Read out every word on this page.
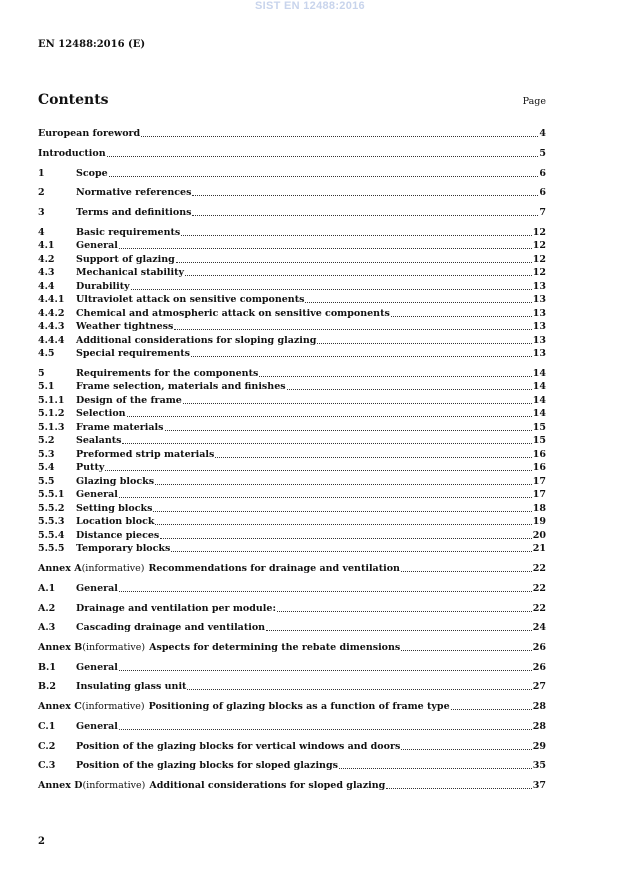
SIST EN 12488:2016
EN 12488:2016 (E)
Contents	Page
European foreword	4
Introduction	5
1	Scope	6
2	Normative references	6
3	Terms and definitions	7
4	Basic requirements	12
4.1	General	12
4.2	Support of glazing	12
4.3	Mechanical stability	12
4.4	Durability	13
4.4.1	Ultraviolet attack on sensitive components	13
4.4.2	Chemical and atmospheric attack on sensitive components	13
4.4.3	Weather tightness	13
4.4.4	Additional considerations for sloping glazing	13
4.5	Special requirements	13
5	Requirements for the components	14
5.1	Frame selection, materials and finishes	14
5.1.1	Design of the frame	14
5.1.2	Selection	14
5.1.3	Frame materials	15
5.2	Sealants	15
5.3	Preformed strip materials	16
5.4	Putty	16
5.5	Glazing blocks	17
5.5.1	General	17
5.5.2	Setting blocks	18
5.5.3	Location block	19
5.5.4	Distance pieces	20
5.5.5	Temporary blocks	21
Annex A (informative) Recommendations for drainage and ventilation	22
A.1	General	22
A.2	Drainage and ventilation per module:	22
A.3	Cascading drainage and ventilation	24
Annex B (informative) Aspects for determining the rebate dimensions	26
B.1	General	26
B.2	Insulating glass unit	27
Annex C (informative) Positioning of glazing blocks as a function of frame type	28
C.1	General	28
C.2	Position of the glazing blocks for vertical windows and doors	29
C.3	Position of the glazing blocks for sloped glazings	35
Annex D (informative) Additional considerations for sloped glazing	37
2
